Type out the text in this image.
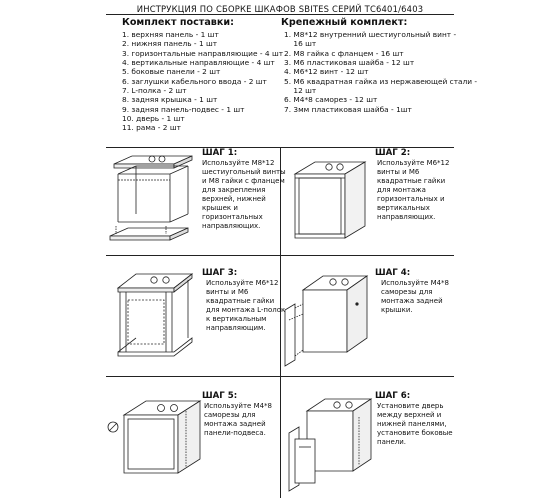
ИНСТРУКЦИЯ ПО СБОРКЕ ШКАФОВ SBITES СЕРИЙ ТС6401/6403
Комплект поставки:
1. верхняя панель - 1 шт
2. нижняя панель - 1 шт
3. горизонтальные направляющие - 4 шт
4. вертикальные направляющие - 4 шт
5. боковые панели - 2 шт
6. заглушки кабельного ввода - 2 шт
7. L-полка - 2 шт
8. задняя крышка - 1 шт
9. задняя панель-подвес - 1 шт
10. дверь - 1 шт
11. рама - 2 шт
Крепежный комплект:
1. M8*12 внутренний шестиугольный винт -
16 шт
2. M8 гайка с фланцем - 16 шт
3. M6 пластиковая шайба - 12 шт
4. M6*12 винт - 12 шт
5. M6 квадратная гайка из нержавеющей стали -
12 шт
6. M4*8 саморез - 12 шт
7. 3мм пластиковая шайба - 1шт
ШАГ 1:
Используйте M8*12
шестиугольный винты
и M8 гайки с фланцем
для закрепления
верхней, нижней
крышек и
горизонтальных
направляющих.
ШАГ 2:
Используйте M6*12
винты и M6
квадратные гайки
для монтажа
горизонтальных и
вертикальных
направляющих.
ШАГ 3:
Используйте M6*12
винты и M6
квадратные гайки
для монтажа L-полок
к вертикальным
направляющим.
ШАГ 4:
Используйте M4*8
саморезы для
монтажа задней
крышки.
ШАГ 5:
Используйте M4*8
саморезы для
монтажа задней
панели-подвеса.
ШАГ 6:
Установите дверь
между верхней и
нижней панелями,
установите боковые
панели.
